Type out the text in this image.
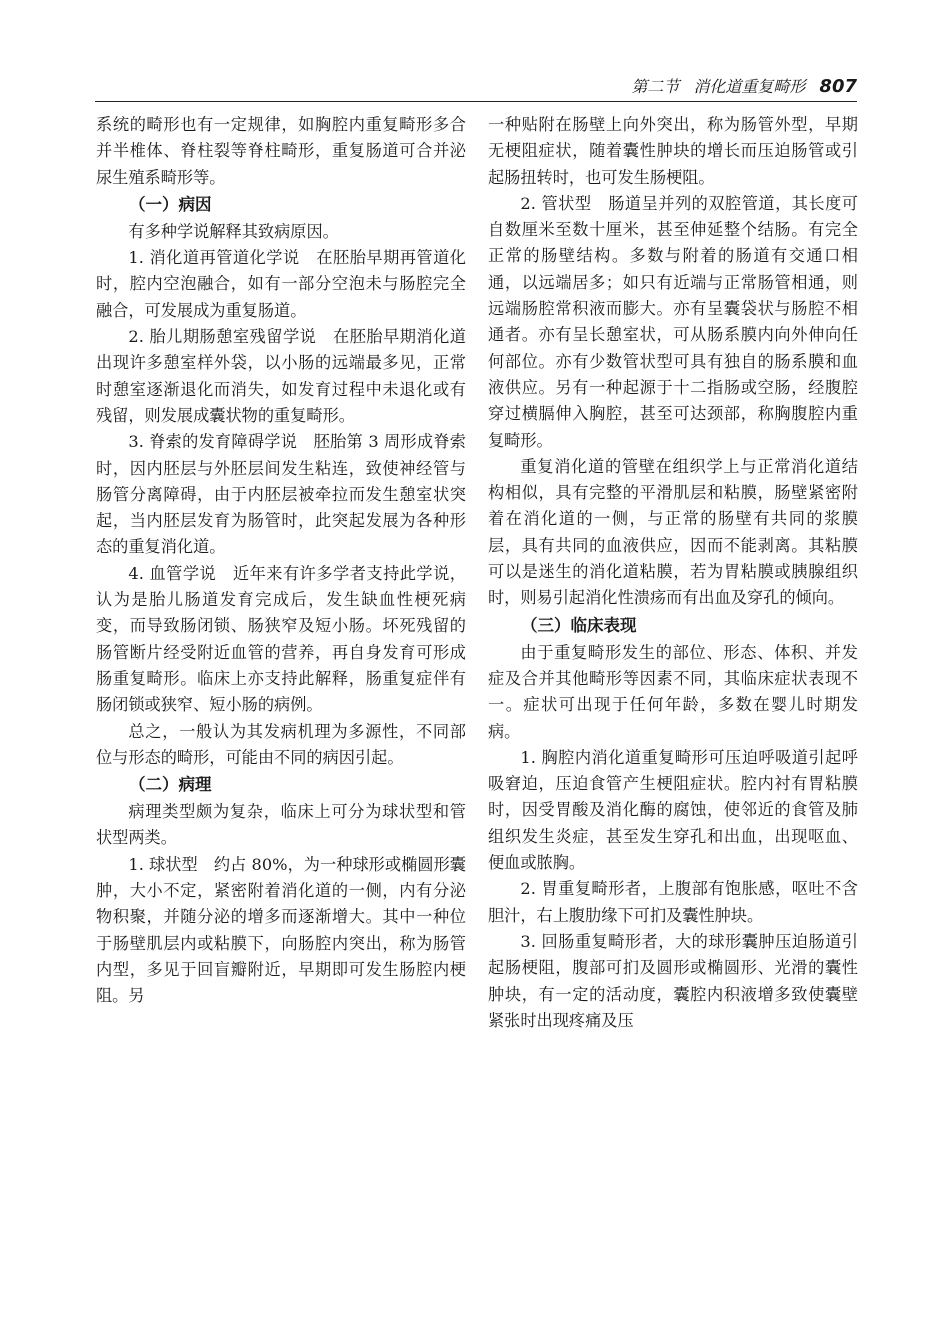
第二节 消化道重复畸形 807

系统的畸形也有一定规律，如胸腔内重复畸形多合并半椎体、脊柱裂等脊柱畸形，重复肠道可合并泌尿生殖系畸形等。

（一）病因

有多种学说解释其致病原因。

1. 消化道再管道化学说　在胚胎早期再管道化时，腔内空泡融合，如有一部分空泡未与肠腔完全融合，可发展成为重复肠道。

2. 胎儿期肠憩室残留学说　在胚胎早期消化道出现许多憩室样外袋，以小肠的远端最多见，正常时憩室逐渐退化而消失，如发育过程中未退化或有残留，则发展成囊状物的重复畸形。

3. 脊索的发育障碍学说　胚胎第 3 周形成脊索时，因内胚层与外胚层间发生粘连，致使神经管与肠管分离障碍，由于内胚层被牵拉而发生憩室状突起，当内胚层发育为肠管时，此突起发展为各种形态的重复消化道。

4. 血管学说　近年来有许多学者支持此学说，认为是胎儿肠道发育完成后，发生缺血性梗死病变，而导致肠闭锁、肠狭窄及短小肠。坏死残留的肠管断片经受附近血管的营养，再自身发育可形成肠重复畸形。临床上亦支持此解释，肠重复症伴有肠闭锁或狭窄、短小肠的病例。

总之，一般认为其发病机理为多源性，不同部位与形态的畸形，可能由不同的病因引起。

（二）病理

病理类型颇为复杂，临床上可分为球状型和管状型两类。

1. 球状型　约占 80%，为一种球形或椭圆形囊肿，大小不定，紧密附着消化道的一侧，内有分泌物积聚，并随分泌的增多而逐渐增大。其中一种位于肠壁肌层内或粘膜下，向肠腔内突出，称为肠管内型，多见于回盲瓣附近，早期即可发生肠腔内梗阻。另

一种贴附在肠壁上向外突出，称为肠管外型，早期无梗阻症状，随着囊性肿块的增长而压迫肠管或引起肠扭转时，也可发生肠梗阻。

2. 管状型　肠道呈并列的双腔管道，其长度可自数厘米至数十厘米，甚至伸延整个结肠。有完全正常的肠壁结构。多数与附着的肠道有交通口相通，以远端居多；如只有近端与正常肠管相通，则远端肠腔常积液而膨大。亦有呈囊袋状与肠腔不相通者。亦有呈长憩室状，可从肠系膜内向外伸向任何部位。亦有少数管状型可具有独自的肠系膜和血液供应。另有一种起源于十二指肠或空肠，经腹腔穿过横膈伸入胸腔，甚至可达颈部，称胸腹腔内重复畸形。

重复消化道的管壁在组织学上与正常消化道结构相似，具有完整的平滑肌层和粘膜，肠壁紧密附着在消化道的一侧，与正常的肠壁有共同的浆膜层，具有共同的血液供应，因而不能剥离。其粘膜可以是迷生的消化道粘膜，若为胃粘膜或胰腺组织时，则易引起消化性溃疡而有出血及穿孔的倾向。

（三）临床表现

由于重复畸形发生的部位、形态、体积、并发症及合并其他畸形等因素不同，其临床症状表现不一。症状可出现于任何年龄，多数在婴儿时期发病。

1. 胸腔内消化道重复畸形可压迫呼吸道引起呼吸窘迫，压迫食管产生梗阻症状。腔内衬有胃粘膜时，因受胃酸及消化酶的腐蚀，使邻近的食管及肺组织发生炎症，甚至发生穿孔和出血，出现呕血、便血或脓胸。

2. 胃重复畸形者，上腹部有饱胀感，呕吐不含胆汁，右上腹肋缘下可扪及囊性肿块。

3. 回肠重复畸形者，大的球形囊肿压迫肠道引起肠梗阻，腹部可扪及圆形或椭圆形、光滑的囊性肿块，有一定的活动度，囊腔内积液增多致使囊壁紧张时出现疼痛及压
